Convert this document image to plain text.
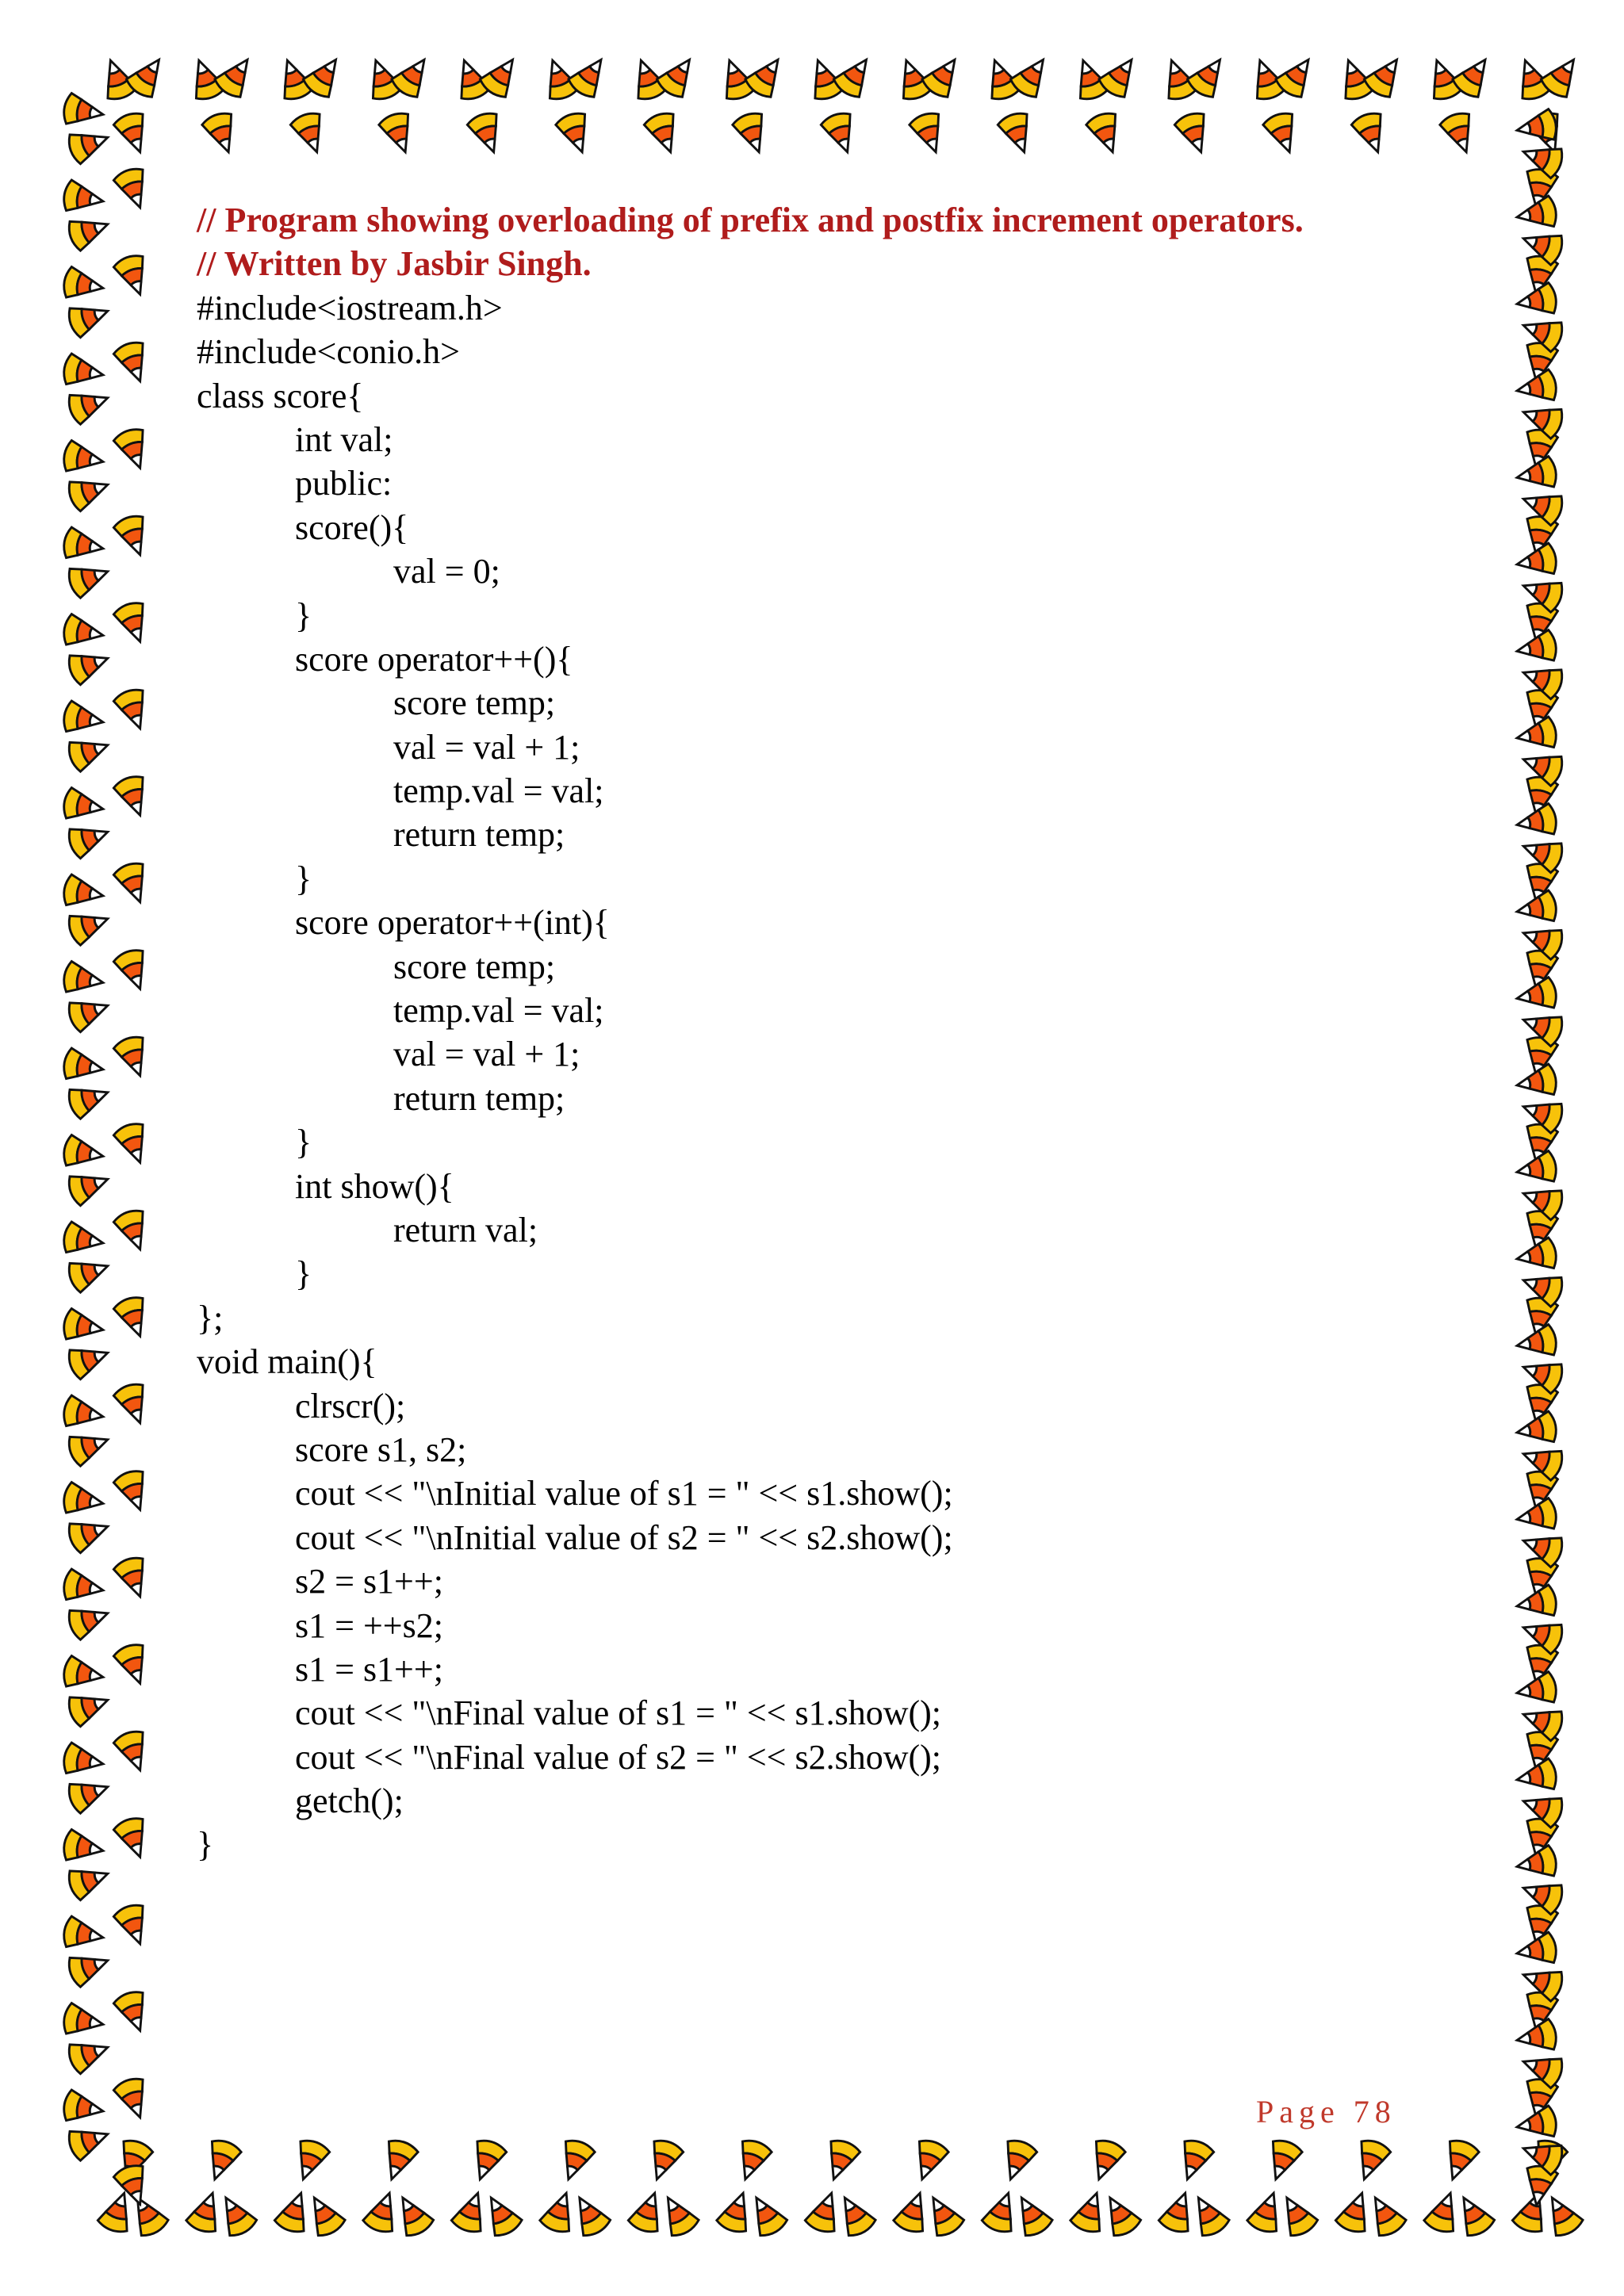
// Program showing overloading of prefix and postfix increment operators.
// Written by Jasbir Singh.
#include<iostream.h>
#include<conio.h>
class score{
int val;
public:
score(){
val = 0;
}
score operator++(){
score temp;
val = val + 1;
temp.val = val;
return temp;
}
score operator++(int){
score temp;
temp.val = val;
val = val + 1;
return temp;
}
int show(){
return val;
}
};
void main(){
clrscr();
score s1, s2;
cout << "\nInitial value of s1 = " << s1.show();
cout << "\nInitial value of s2 = " << s2.show();
s2 = s1++;
s1 = ++s2;
s1 = s1++;
cout << "\nFinal value of s1 = " << s1.show();
cout << "\nFinal value of s2 = " << s2.show();
getch();
}
Page 78
